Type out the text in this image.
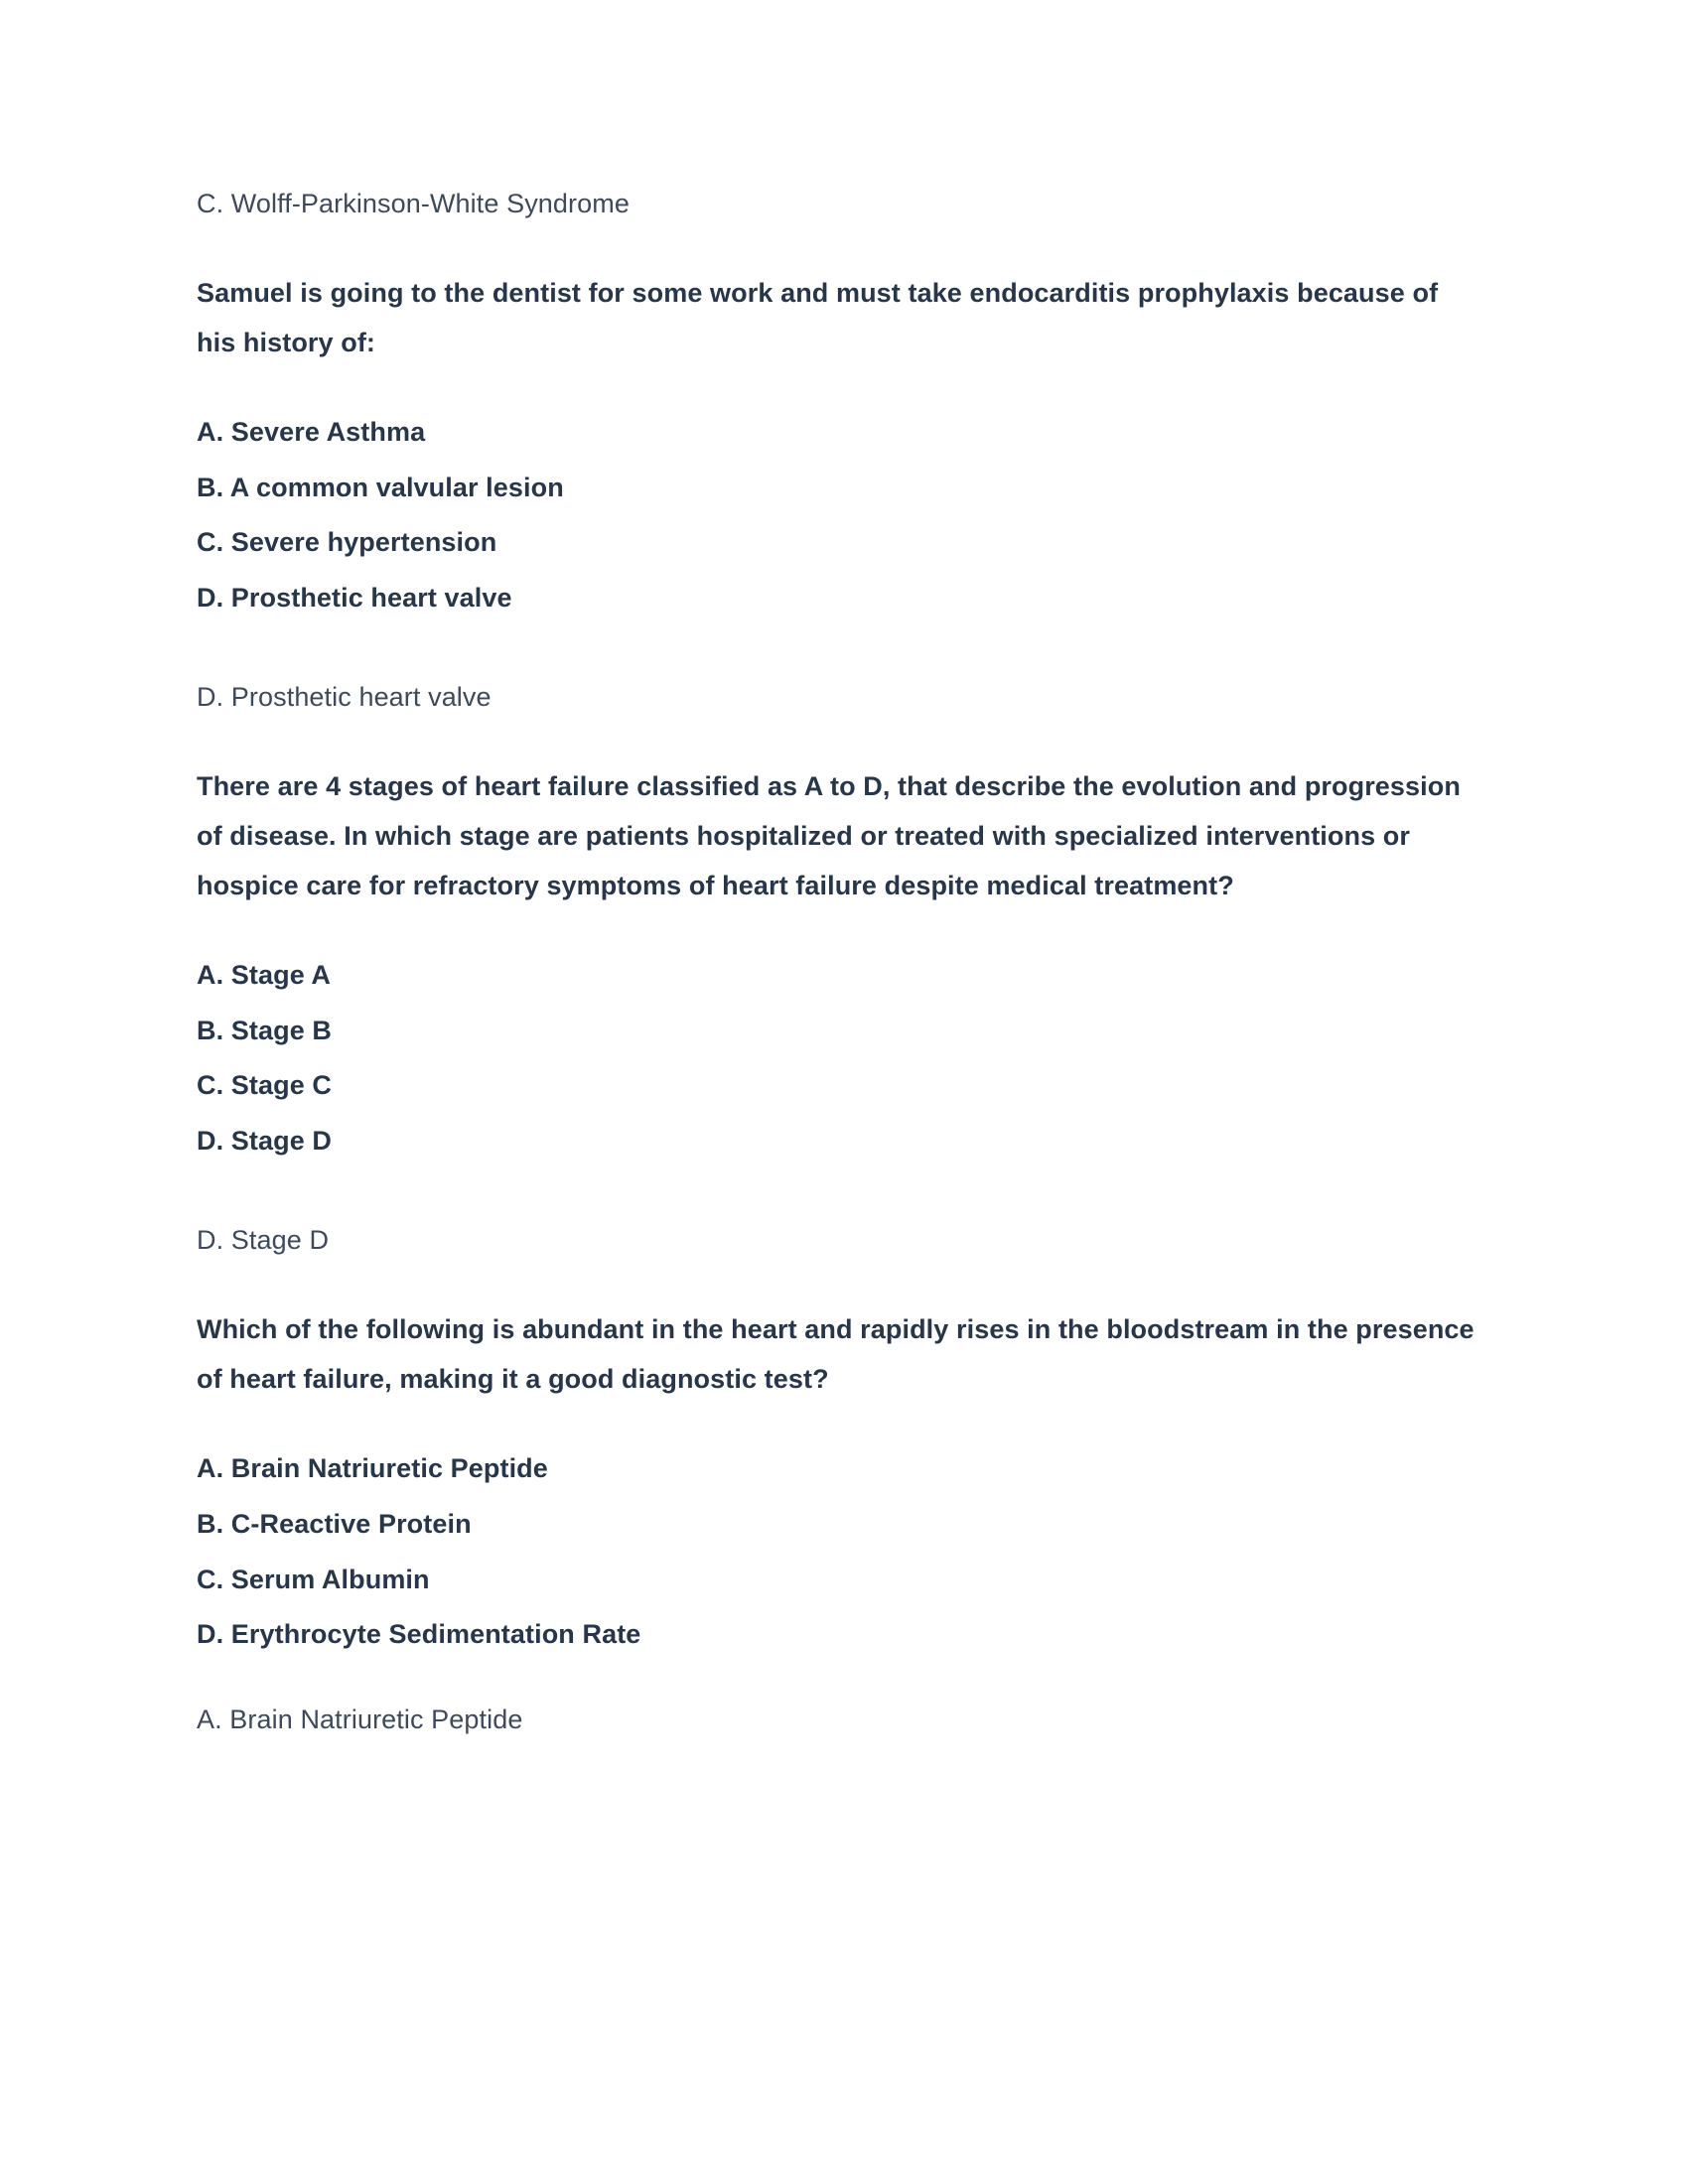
C. Wolff-Parkinson-White Syndrome
Samuel is going to the dentist for some work and must take endocarditis prophylaxis because of his history of:
A. Severe Asthma
B. A common valvular lesion
C. Severe hypertension
D. Prosthetic heart valve
D. Prosthetic heart valve
There are 4 stages of heart failure classified as A to D, that describe the evolution and progression of disease. In which stage are patients hospitalized or treated with specialized interventions or hospice care for refractory symptoms of heart failure despite medical treatment?
A. Stage A
B. Stage B
C. Stage C
D. Stage D
D. Stage D
Which of the following is abundant in the heart and rapidly rises in the bloodstream in the presence of heart failure, making it a good diagnostic test?
A. Brain Natriuretic Peptide
B. C-Reactive Protein
C. Serum Albumin
D. Erythrocyte Sedimentation Rate
A. Brain Natriuretic Peptide
